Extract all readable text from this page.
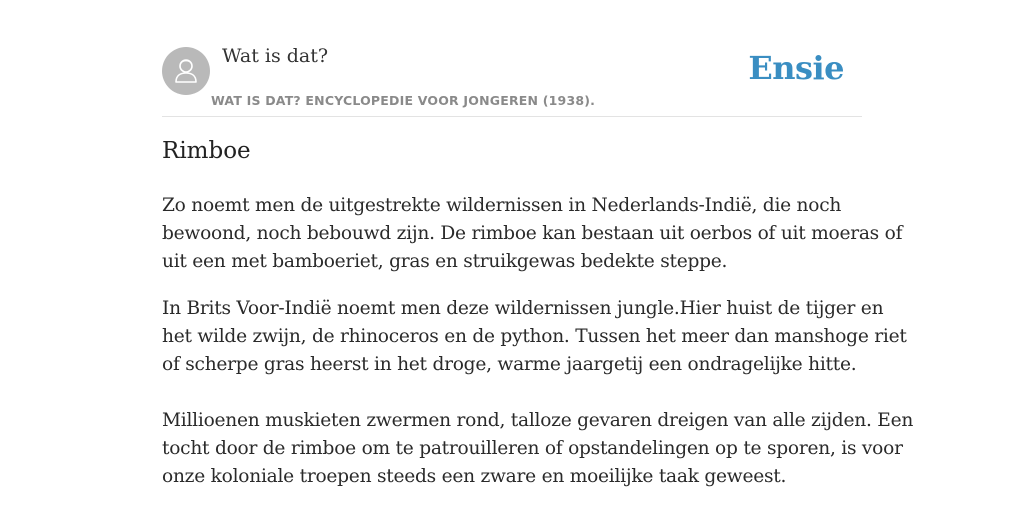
Wat is dat?
WAT IS DAT? ENCYCLOPEDIE VOOR JONGEREN (1938).
Ensie
Rimboe

Zo noemt men de uitgestrekte wildernissen in Nederlands-Indië, die noch
bewoond, noch bebouwd zijn. De rimboe kan bestaan uit oerbos of uit moeras of
uit een met bamboeriet, gras en struikgewas bedekte steppe.

In Brits Voor-Indië noemt men deze wildernissen jungle.Hier huist de tijger en
het wilde zwijn, de rhinoceros en de python. Tussen het meer dan manshoge riet
of scherpe gras heerst in het droge, warme jaargetij een ondragelijke hitte.

Millioenen muskieten zwermen rond, talloze gevaren dreigen van alle zijden. Een
tocht door de rimboe om te patrouilleren of opstandelingen op te sporen, is voor
onze koloniale troepen steeds een zware en moeilijke taak geweest.
